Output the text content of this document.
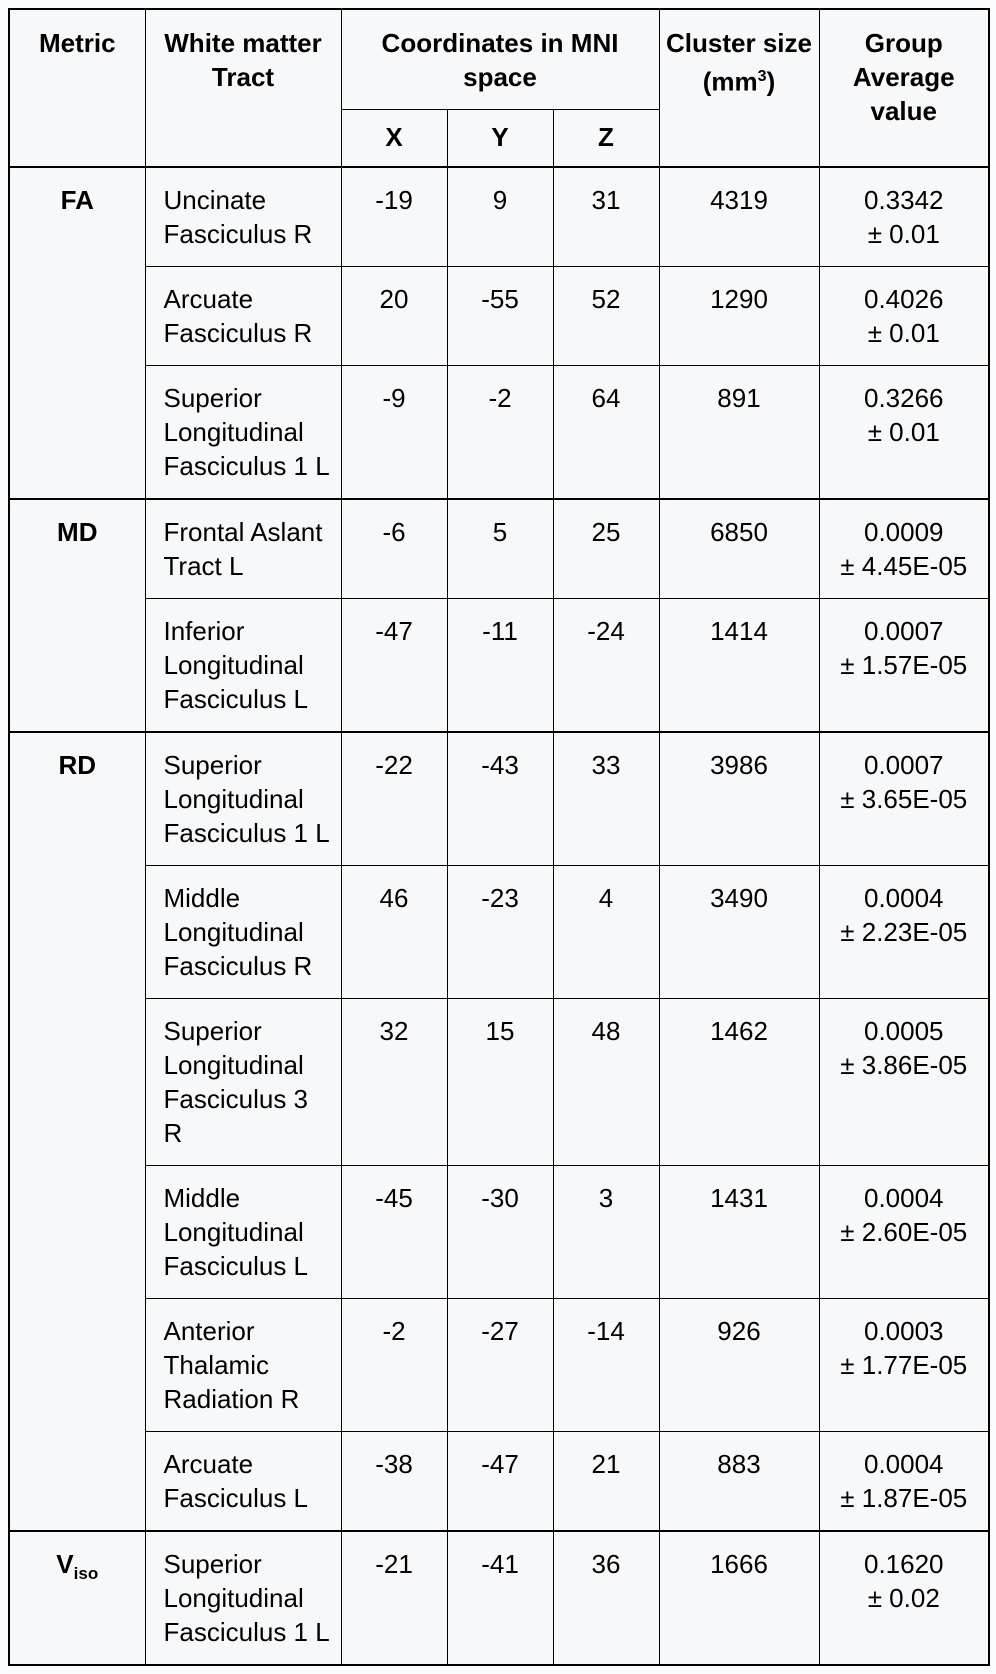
Metric	White matter Tract	Coordinates in MNI space			Cluster size $(mm^3)$	Group Average value
		X	Y	Z		
FA	Uncinate Fasciculus R	-19	9	31	4319	0.3342
± 0.01

	Arcuate Fasciculus R	20	-55	52	1290	0.4026
± 0.01

	Superior Longitudinal Fasciculus 1 L	-9	-2	64	891	0.3266
± 0.01

MD	Frontal Aslant Tract L	-6	5	25	6850	0.0009
± 4.45E-05

	Inferior Longitudinal Fasciculus L	-47	-11	-24	1414	0.0007
± 1.57E-05

RD	Superior Longitudinal Fasciculus 1 L	-22	-43	33	3986	0.0007
± 3.65E-05

	Middle Longitudinal Fasciculus R	46	-23	4	3490	0.0004
± 2.23E-05

	Superior Longitudinal Fasciculus 3 R	32	15	48	1462	0.0005
± 3.86E-05

	Middle Longitudinal Fasciculus L	-45	-30	3	1431	0.0004
± 2.60E-05

	Anterior Thalamic Radiation R	-2	-27	-14	926	0.0003
± 1.77E-05

	Arcuate Fasciculus L	-38	-47	21	883	0.0004
± 1.87E-05

$V_{iso}$	Superior Longitudinal Fasciculus 1 L	-21	-41	36	1666	0.1620
± 0.02
